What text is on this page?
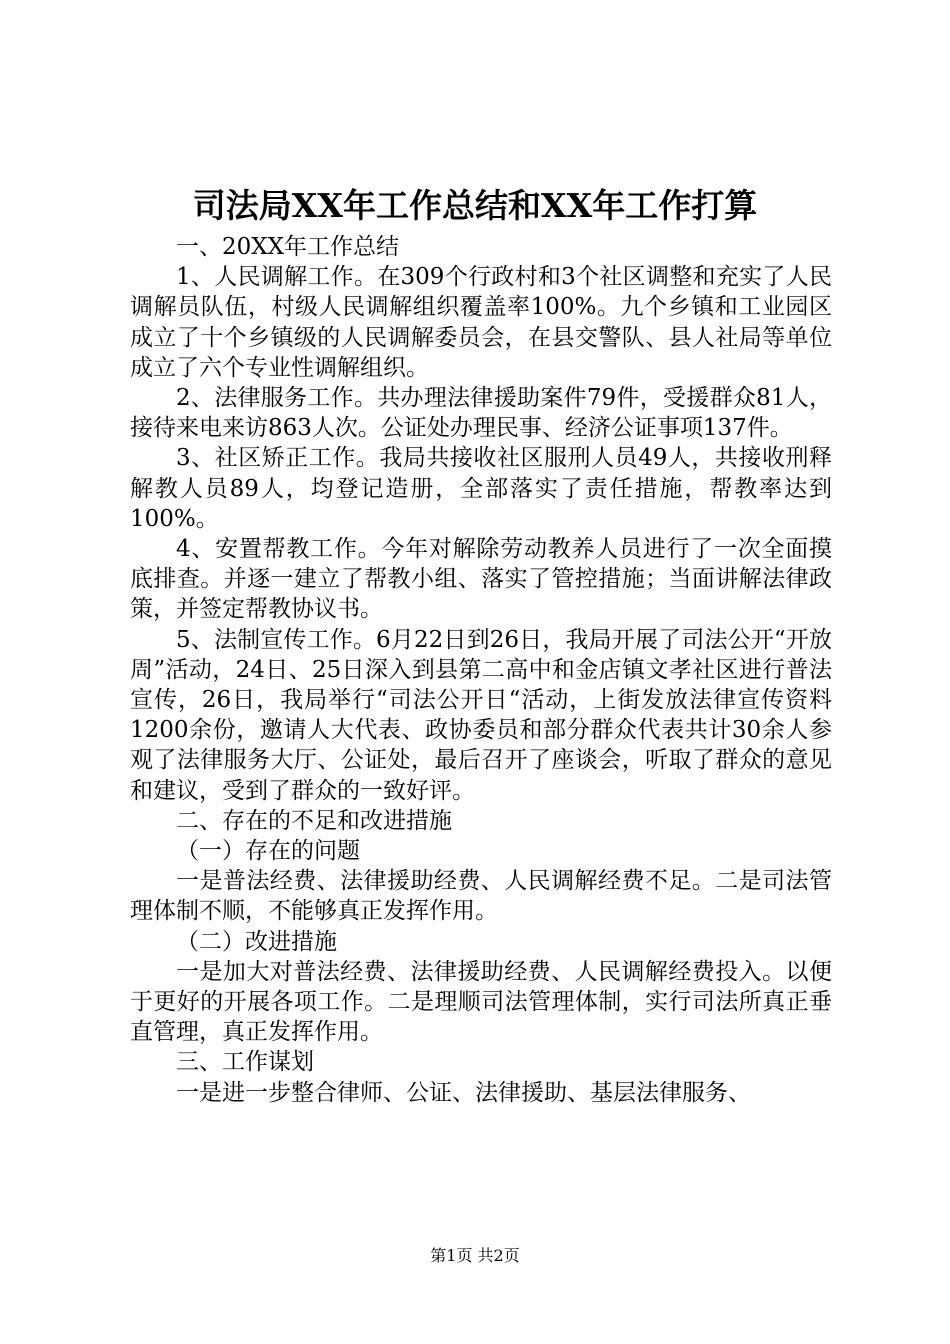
司法局XX年工作总结和XX年工作打算

一、20XX年工作总结

1、人民调解工作。在309个行政村和3个社区调整和充实了人民调解员队伍，村级人民调解组织覆盖率100%。九个乡镇和工业园区成立了十个乡镇级的人民调解委员会，在县交警队、县人社局等单位成立了六个专业性调解组织。

2、法律服务工作。共办理法律援助案件79件，受援群众81人，接待来电来访863人次。公证处办理民事、经济公证事项137件。

3、社区矫正工作。我局共接收社区服刑人员49人，共接收刑释解教人员89人，均登记造册，全部落实了责任措施，帮教率达到100%。

4、安置帮教工作。今年对解除劳动教养人员进行了一次全面摸底排查。并逐一建立了帮教小组、落实了管控措施；当面讲解法律政策，并签定帮教协议书。

5、法制宣传工作。6月22日到26日，我局开展了司法公开“开放周”活动，24日、25日深入到县第二高中和金店镇文孝社区进行普法宣传，26日，我局举行“司法公开日“活动，上街发放法律宣传资料1200余份，邀请人大代表、政协委员和部分群众代表共计30余人参观了法律服务大厅、公证处，最后召开了座谈会，听取了群众的意见和建议，受到了群众的一致好评。

二、存在的不足和改进措施

（一）存在的问题

一是普法经费、法律援助经费、人民调解经费不足。二是司法管理体制不顺，不能够真正发挥作用。

（二）改进措施

一是加大对普法经费、法律援助经费、人民调解经费投入。以便于更好的开展各项工作。二是理顺司法管理体制，实行司法所真正垂直管理，真正发挥作用。

三、工作谋划

一是进一步整合律师、公证、法律援助、基层法律服务、

第1页 共2页
